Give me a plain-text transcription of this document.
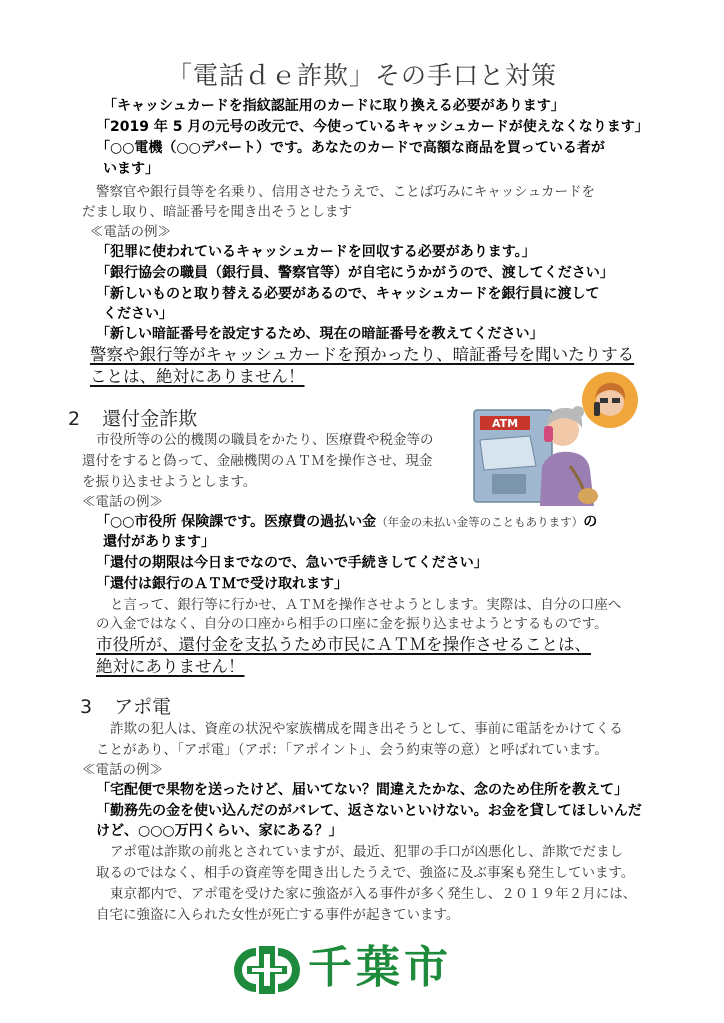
「電話ｄｅ詐欺」その手口と対策
「キャッシュカードを指紋認証用のカードに取り換える必要があります」
「2019 年 5 月の元号の改元で、今使っているキャッシュカードが使えなくなります」
「○○電機（○○デパート）です。あなたのカードで高額な商品を買っている者が
います」
警察官や銀行員等を名乗り、信用させたうえで、ことば巧みにキャッシュカードを
だまし取り、暗証番号を聞き出そうとします
≪電話の例≫
「犯罪に使われているキャッシュカードを回収する必要があります。」
「銀行協会の職員（銀行員、警察官等）が自宅にうかがうので、渡してください」
「新しいものと取り替える必要があるので、キャッシュカードを銀行員に渡して
ください」
「新しい暗証番号を設定するため、現在の暗証番号を教えてください」
警察や銀行等がキャッシュカードを預かったり、暗証番号を聞いたりする
ことは、絶対にありません！
2 還付金詐欺
市役所等の公的機関の職員をかたり、医療費や税金等の
還付をすると偽って、金融機関のＡＴＭを操作させ、現金
を振り込ませようとします。
ATM
≪電話の例≫
「○○市役所 保険課です。医療費の過払い金（年金の未払い金等のこともあります）の
還付があります」
「還付の期限は今日までなので、急いで手続きしてください」
「還付は銀行のＡＴＭで受け取れます」
と言って、銀行等に行かせ、ＡＴＭを操作させようとします。実際は、自分の口座へ
の入金ではなく、自分の口座から相手の口座に金を振り込ませようとするものです。
市役所が、還付金を支払うため市民にＡＴＭを操作させることは、
絶対にありません！
3 アポ電
詐欺の犯人は、資産の状況や家族構成を聞き出そうとして、事前に電話をかけてくる
ことがあり、「アポ電」（アポ：「アポイント」、会う約束等の意）と呼ばれています。
≪電話の例≫
「宅配便で果物を送ったけど、届いてない？間違えたかな、念のため住所を教えて」
「勤務先の金を使い込んだのがバレて、返さないといけない。お金を貸してほしいんだ
けど、○○○万円くらい、家にある？」
アポ電は詐欺の前兆とされていますが、最近、犯罪の手口が凶悪化し、詐欺でだまし
取るのではなく、相手の資産等を聞き出したうえで、強盗に及ぶ事案も発生しています。
東京都内で、アポ電を受けた家に強盗が入る事件が多く発生し、２０１９年２月には、
自宅に強盗に入られた女性が死亡する事件が起きています。
千葉市
